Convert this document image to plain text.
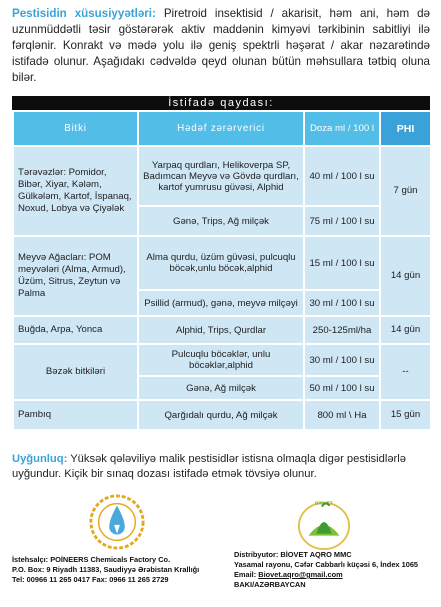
Pestisidin xüsusiyyətləri: Piretroid insektisid / akarisit, həm ani, həm də uzunmüddətli təsir göstərərək aktiv maddənin kimyəvi tərkibinin sabitliyi ilə fərqlənir. Konrakt və mədə yolu ilə geniş spektrli həşərat / akar nəzarətində istifadə olunur. Aşağıdakı cədvəldə qeyd olunan bütün məhsullara tətbiq oluna bilər.
İstifadə qaydası:
Bitki	Hədəf zərərverici	Doza ml / 100 l	PHI
Tərəvəzlər: Pomidor, Bibər, Xiyar, Kələm, Gülkələm, Kartof, İspanaq, Noxud, Lobya və Çiyələk	Yarpaq qurdları, Helikoverpa SP, Badımcan Meyvə və Gövdə qurdları, kartof yumrusu güvəsi, Alphid	40 ml / 100 l su	7 gün
	Gənə, Trips, Ağ milçək	75 ml / 100 l su	
Meyvə Ağacları: POM meyvələri (Alma, Armud), Üzüm, Sitrus, Zeytun və Palma	Alma qurdu, üzüm güvəsi, pulcuqlu böcək,unlu böcək,alphid	15 ml / 100 l su	14 gün
	Psillid (armud), gənə, meyvə milçəyi	30 ml / 100 l su	
Buğda, Arpa, Yonca	Alphid, Trips, Qurdlar	250-125ml/ha	14 gün
Bəzək bitkiləri	Pulcuqlu böcəklər, unlu böcəklər,alphid	30 ml / 100 l su	--
	Gənə, Ağ milçək	50 ml / 100 l su	
Pambıq	Qarğıdalı qurdu, Ağ milçək	800 ml \ Ha	15 gün
Uyğunluq: Yüksək qələviliyə malik pestisidlər istisna olmaqla digər pestisidlərlə uyğundur. Kiçik bir sınaq dozası istifadə etmək tövsiyə olunur.
BİOVET
İstehsalçı: POİNEERS Chemicals Factory Co.
P.O. Box: 9 Riyadh 11383, Saudiyyə Ərəbistan Krallığı
Tel: 00966 11 265 0417 Fax: 0966 11 265 2729
Distribyutor: BİOVET AQRO MMC
Yasamal rayonu, Cəfər Cabbarlı küçəsi 6, İndex 1065
Email: Biovet.aqro@gmail.com
BAKI/AZƏRBAYCAN
